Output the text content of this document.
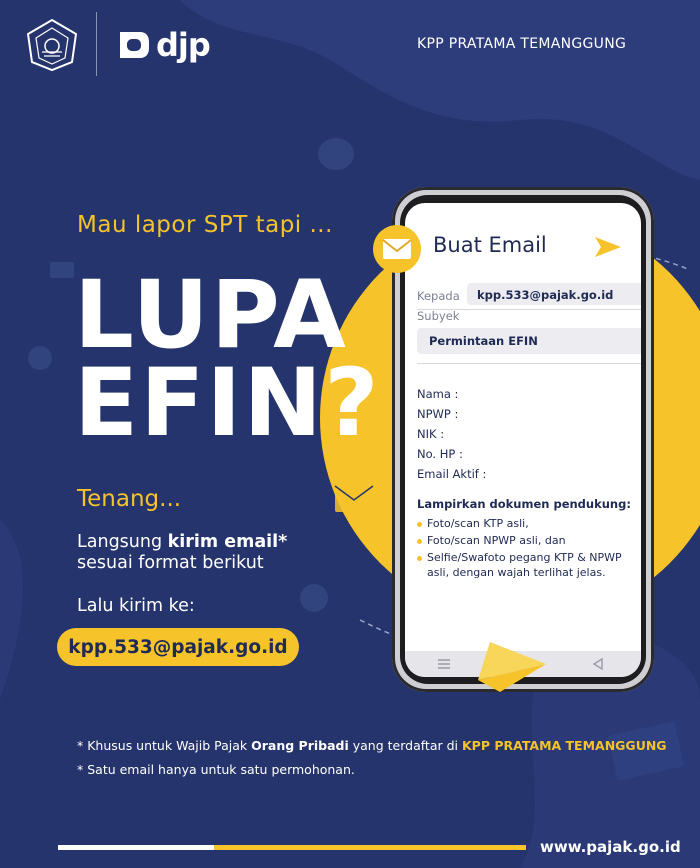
djp	KPP PRATAMA TEMANGGUNG
Mau lapor SPT tapi ...
LUPA
EFIN?
Tenang...
Langsung kirim email*
sesuai format berikut
Lalu kirim ke:
kpp.533@pajak.go.id
Buat Email
Kepada kpp.533@pajak.go.id
Subyek
Permintaan EFIN
Nama :
NPWP :
NIK :
No. HP :
Email Aktif :
Lampirkan dokumen pendukung:
Foto/scan KTP asli,
Foto/scan NPWP asli, dan
Selfie/Swafoto pegang KTP & NPWP
asli, dengan wajah terlihat jelas.
* Khusus untuk Wajib Pajak Orang Pribadi yang terdaftar di KPP PRATAMA TEMANGGUNG
* Satu email hanya untuk satu permohonan.
www.pajak.go.id
